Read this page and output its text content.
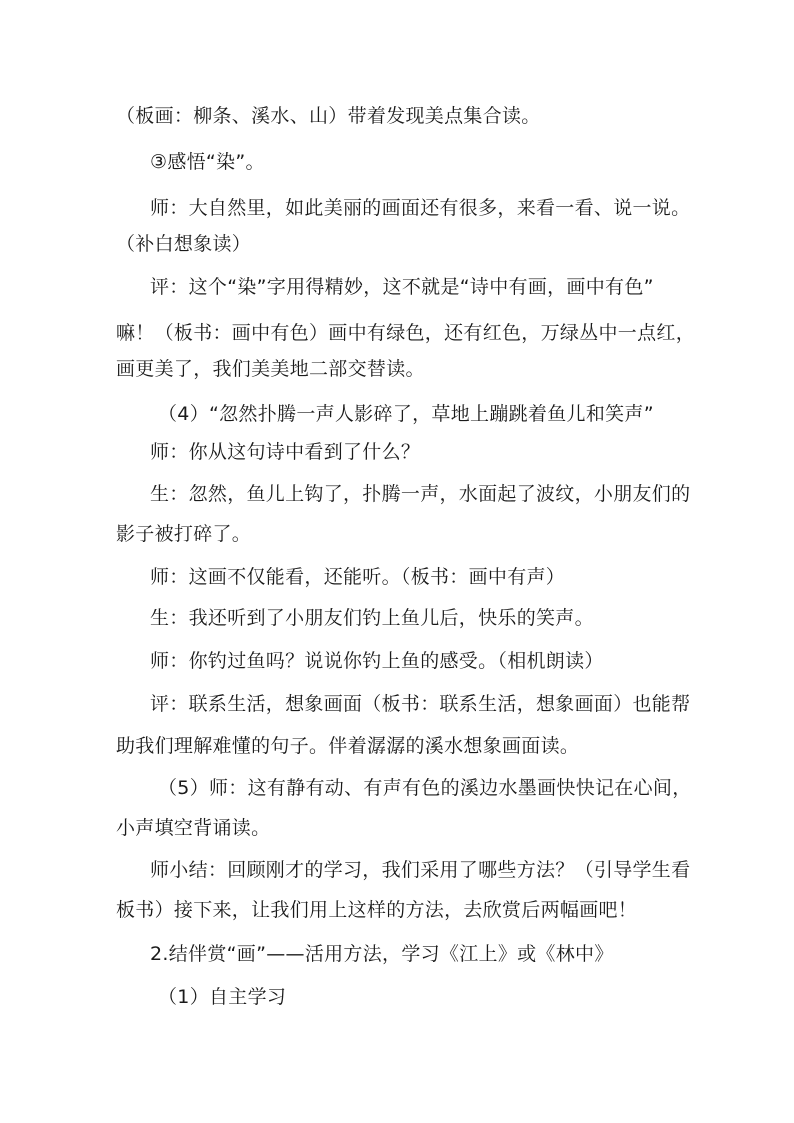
（板画：柳条、溪水、山）带着发现美点集合读。
③感悟“染”。
师：大自然里，如此美丽的画面还有很多，来看一看、说一说。
（补白想象读）
评：这个“染”字用得精妙，这不就是“诗中有画，画中有色”
嘛！（板书：画中有色）画中有绿色，还有红色，万绿丛中一点红，
画更美了，我们美美地二部交替读。
（4）“忽然扑腾一声人影碎了，草地上蹦跳着鱼儿和笑声”
师：你从这句诗中看到了什么？
生：忽然，鱼儿上钩了，扑腾一声，水面起了波纹，小朋友们的
影子被打碎了。
师：这画不仅能看，还能听。（板书：画中有声）
生：我还听到了小朋友们钓上鱼儿后，快乐的笑声。
师：你钓过鱼吗？说说你钓上鱼的感受。（相机朗读）
评：联系生活，想象画面（板书：联系生活，想象画面）也能帮
助我们理解难懂的句子。伴着潺潺的溪水想象画面读。
（5）师：这有静有动、有声有色的溪边水墨画快快记在心间，
小声填空背诵读。
师小结：回顾刚才的学习，我们采用了哪些方法？（引导学生看
板书）接下来，让我们用上这样的方法，去欣赏后两幅画吧！
2.结伴赏“画”——活用方法，学习《江上》或《林中》
（1）自主学习
